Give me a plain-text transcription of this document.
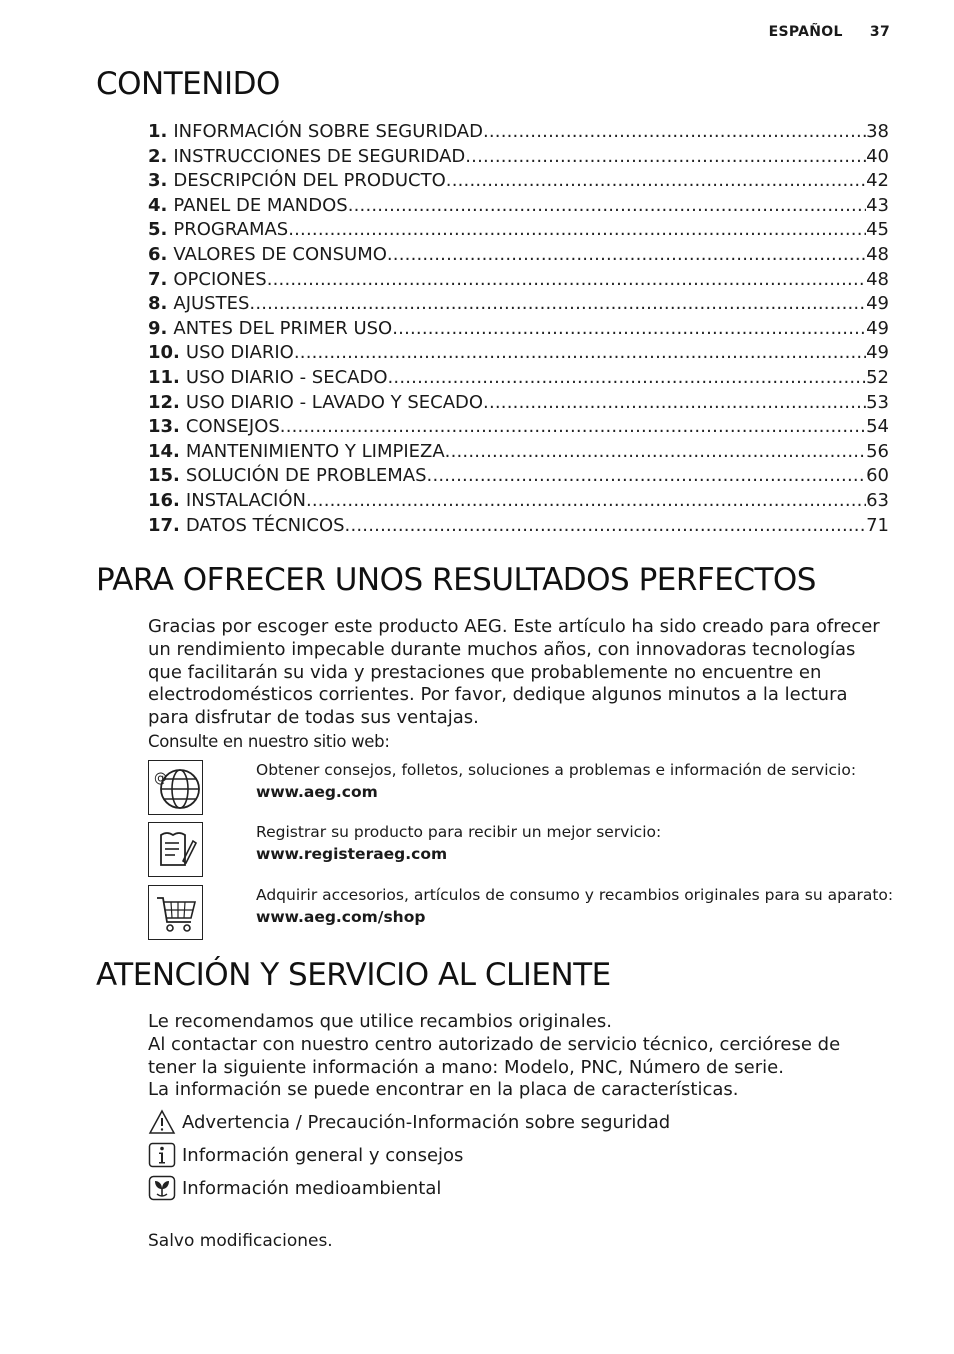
ESPAÑOL 37
CONTENIDO
1. INFORMACIÓN SOBRE SEGURIDAD .....	38
2. INSTRUCCIONES DE SEGURIDAD .....	40
3. DESCRIPCIÓN DEL PRODUCTO .....	42
4. PANEL DE MANDOS .....	43
5. PROGRAMAS .....	45
6. VALORES DE CONSUMO .....	48
7. OPCIONES .....	48
8. AJUSTES .....	49
9. ANTES DEL PRIMER USO .....	49
10. USO DIARIO .....	49
11. USO DIARIO - SECADO .....	52
12. USO DIARIO - LAVADO Y SECADO .....	53
13. CONSEJOS .....	54
14. MANTENIMIENTO Y LIMPIEZA .....	56
15. SOLUCIÓN DE PROBLEMAS .....	60
16. INSTALACIÓN .....	63
17. DATOS TÉCNICOS .....	71
PARA OFRECER UNOS RESULTADOS PERFECTOS

Gracias por escoger este producto AEG. Este artículo ha sido creado para ofrecer un rendimiento impecable durante muchos años, con innovadoras tecnologías que facilitarán su vida y prestaciones que probablemente no encuentre en electrodomésticos corrientes. Por favor, dedique algunos minutos a la lectura para disfrutar de todas sus ventajas.

Consulte en nuestro sitio web:

@	Obtener consejos, folletos, soluciones a problemas e información de servicio:
www.aeg.com
Registrar su producto para recibir un mejor servicio:
www.registeraeg.com
Adquirir accesorios, artículos de consumo y recambios originales para su aparato:
www.aeg.com/shop
ATENCIÓN Y SERVICIO AL CLIENTE
Le recomendamos que utilice recambios originales.
Al contactar con nuestro centro autorizado de servicio técnico, cerciórese de tener la siguiente información a mano: Modelo, PNC, Número de serie.
La información se puede encontrar en la placa de características.
Advertencia / Precaución-Información sobre seguridad
Información general y consejos
Información medioambiental
Salvo modificaciones.
